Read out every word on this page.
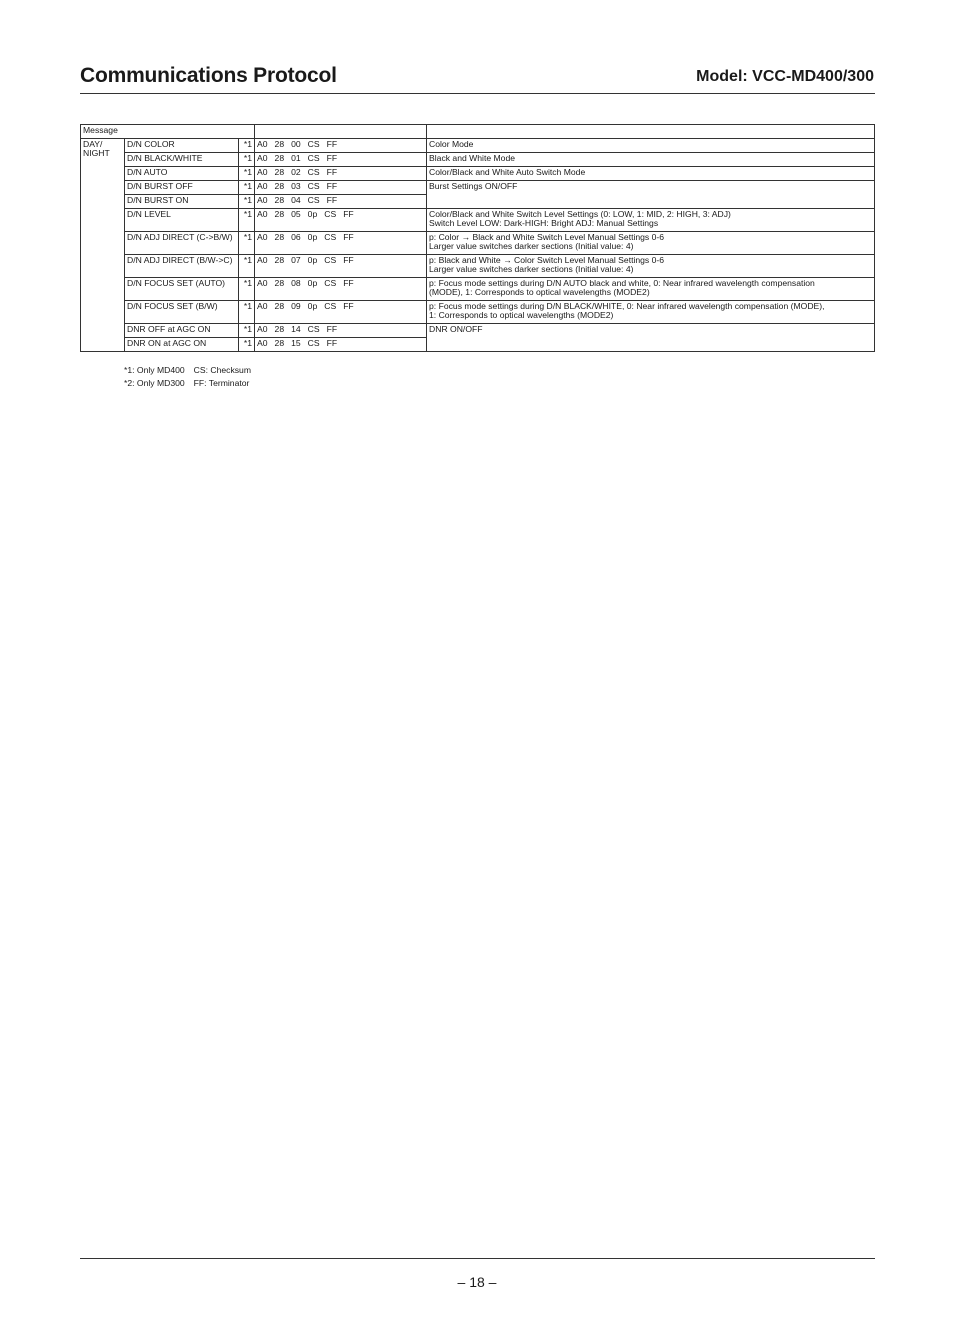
Communications Protocol	Model: VCC-MD400/300
Message				
DAY/
NIGHT	D/N COLOR	*1	A0 28 00 CS FF	Color Mode
	D/N BLACK/WHITE	*1	A0 28 01 CS FF	Black and White Mode
	D/N AUTO	*1	A0 28 02 CS FF	Color/Black and White Auto Switch Mode
	D/N BURST OFF	*1	A0 28 03 CS FF	Burst Settings ON/OFF
	D/N BURST ON	*1	A0 28 04 CS FF	
	D/N LEVEL	*1	A0 28 05 0p CS FF	Color/Black and White Switch Level Settings (0: LOW, 1: MID, 2: HIGH, 3: ADJ)
Switch Level LOW: Dark-HIGH: Bright ADJ: Manual Settings
	D/N ADJ DIRECT (C->B/W)	*1	A0 28 06 0p CS FF	p: Color → Black and White Switch Level Manual Settings 0-6
Larger value switches darker sections (Initial value: 4)
	D/N ADJ DIRECT (B/W->C)	*1	A0 28 07 0p CS FF	p: Black and White → Color Switch Level Manual Settings 0-6
Larger value switches darker sections (Initial value: 4)
	D/N FOCUS SET (AUTO)	*1	A0 28 08 0p CS FF	p: Focus mode settings during D/N AUTO black and white, 0: Near infrared wavelength compensation
(MODE), 1: Corresponds to optical wavelengths (MODE2)
	D/N FOCUS SET (B/W)	*1	A0 28 09 0p CS FF	p: Focus mode settings during D/N BLACK/WHITE, 0: Near infrared wavelength compensation (MODE),
1: Corresponds to optical wavelengths (MODE2)
	DNR OFF at AGC ON	*1	A0 28 14 CS FF	DNR ON/OFF
	DNR ON at AGC ON	*1	A0 28 15 CS FF	
*1: Only MD400 CS: Checksum
*2: Only MD300 FF: Terminator
– 18 –
